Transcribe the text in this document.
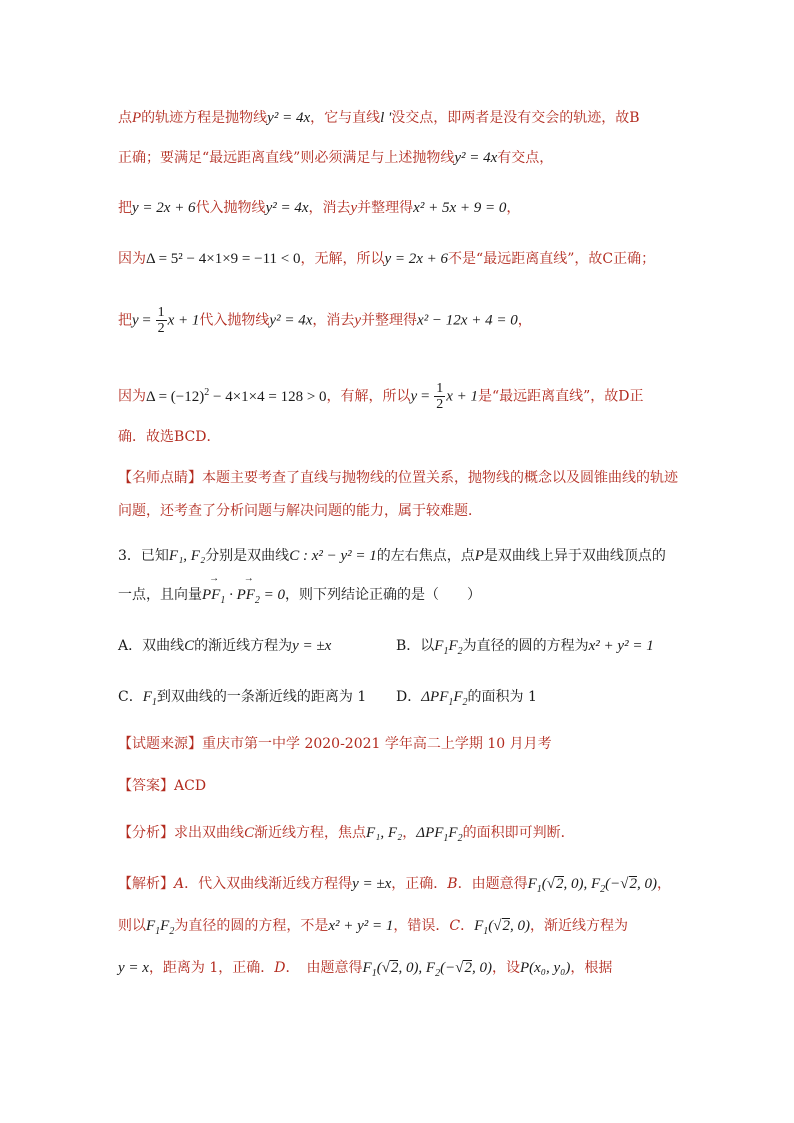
点P的轨迹方程是抛物线y² = 4x，它与直线l '没交点，即两者是没有交会的轨迹，故B
正确；要满足“最远距离直线”则必须满足与上述抛物线y² = 4x有交点，
把y = 2x + 6代入抛物线y² = 4x，消去y并整理得x² + 5x + 9 = 0，
因为Δ = 5² − 4×1×9 = −11 < 0，无解，所以y = 2x + 6不是“最远距离直线”，故C正确；
把$y = \frac{1}{2}$ x + 1代入抛物线y² = 4x，消去y并整理得x² − 12x + 4 = 0，
因为$\Delta = (-12)^2 - 4\times 1\times 4 = 128 > 0$，有解，所以$y = \frac{1}{2}$ x + 1是“最远距离直线”，故D正
确．故选BCD．
【名师点睛】本题主要考查了直线与抛物线的位置关系，抛物线的概念以及圆锥曲线的轨迹
问题，还考查了分析问题与解决问题的能力，属于较难题．
3．已知F₁, F₂分别是双曲线C : x² − y² = 1的左右焦点，点P是双曲线上异于双曲线顶点的
一点，且向量→ $PF_1$ · → $PF_2 = 0$，则下列结论正确的是（　　）
A．双曲线C的渐近线方程为y = ±x	B．以$F_1F_2$为直径的圆的方程为x² + y² = 1
C．$F_1$到双曲线的一条渐近线的距离为 1 D．$\Delta PF_1F_2$的面积为 1
【试题来源】重庆市第一中学 2020-2021 学年高二上学期 10 月月考
【答案】ACD
【分析】求出双曲线C渐近线方程，焦点F₁, F₂，$\Delta PF_1F_2$的面积即可判断．
【解析】A．代入双曲线渐近线方程得y = ±x，正确．B．由题意得$F_1(√2$, 0), $F_2(-√2$, 0)，
则以$F_1F_2$为直径的圆的方程，不是x² + y² = 1，错误．C．$F_1(√2$, 0)，渐近线方程为
y = x，距离为 1，正确．D．　由题意得$F_1(√2$, 0), $F_2(-√2$, 0)，设P(x₀, y₀)，根据
